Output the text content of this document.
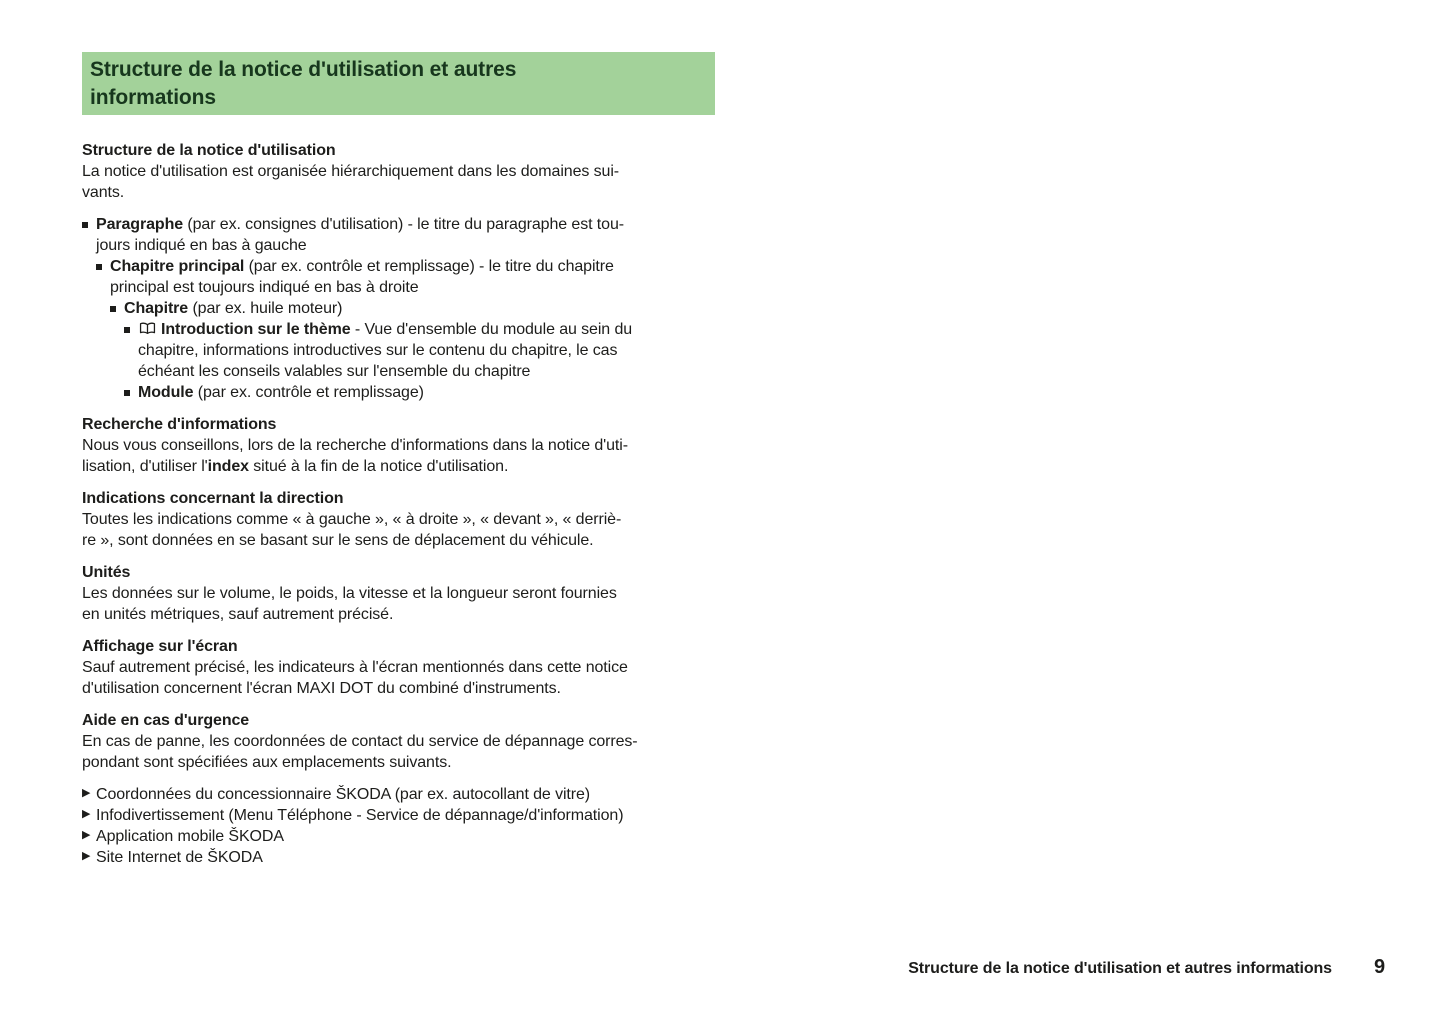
Structure de la notice d'utilisation et autres
informations
Structure de la notice d'utilisation
La notice d'utilisation est organisée hiérarchiquement dans les domaines sui-
vants.
Paragraphe (par ex. consignes d'utilisation) - le titre du paragraphe est tou-
jours indiqué en bas à gauche
Chapitre principal (par ex. contrôle et remplissage) - le titre du chapitre
principal est toujours indiqué en bas à droite
Chapitre (par ex. huile moteur)
Introduction sur le thème - Vue d'ensemble du module au sein du
chapitre, informations introductives sur le contenu du chapitre, le cas
échéant les conseils valables sur l'ensemble du chapitre
Module (par ex. contrôle et remplissage)
Recherche d'informations
Nous vous conseillons, lors de la recherche d'informations dans la notice d'uti-
lisation, d'utiliser l'index situé à la fin de la notice d'utilisation.
Indications concernant la direction
Toutes les indications comme « à gauche », « à droite », « devant », « derriè-
re », sont données en se basant sur le sens de déplacement du véhicule.
Unités
Les données sur le volume, le poids, la vitesse et la longueur seront fournies
en unités métriques, sauf autrement précisé.
Affichage sur l'écran
Sauf autrement précisé, les indicateurs à l'écran mentionnés dans cette notice
d'utilisation concernent l'écran MAXI DOT du combiné d'instruments.
Aide en cas d'urgence
En cas de panne, les coordonnées de contact du service de dépannage corres-
pondant sont spécifiées aux emplacements suivants.
▶ Coordonnées du concessionnaire ŠKODA (par ex. autocollant de vitre)
▶ Infodivertissement (Menu Téléphone - Service de dépannage/d'information)
▶ Application mobile ŠKODA
▶ Site Internet de ŠKODA
Structure de la notice d'utilisation et autres informations 9
